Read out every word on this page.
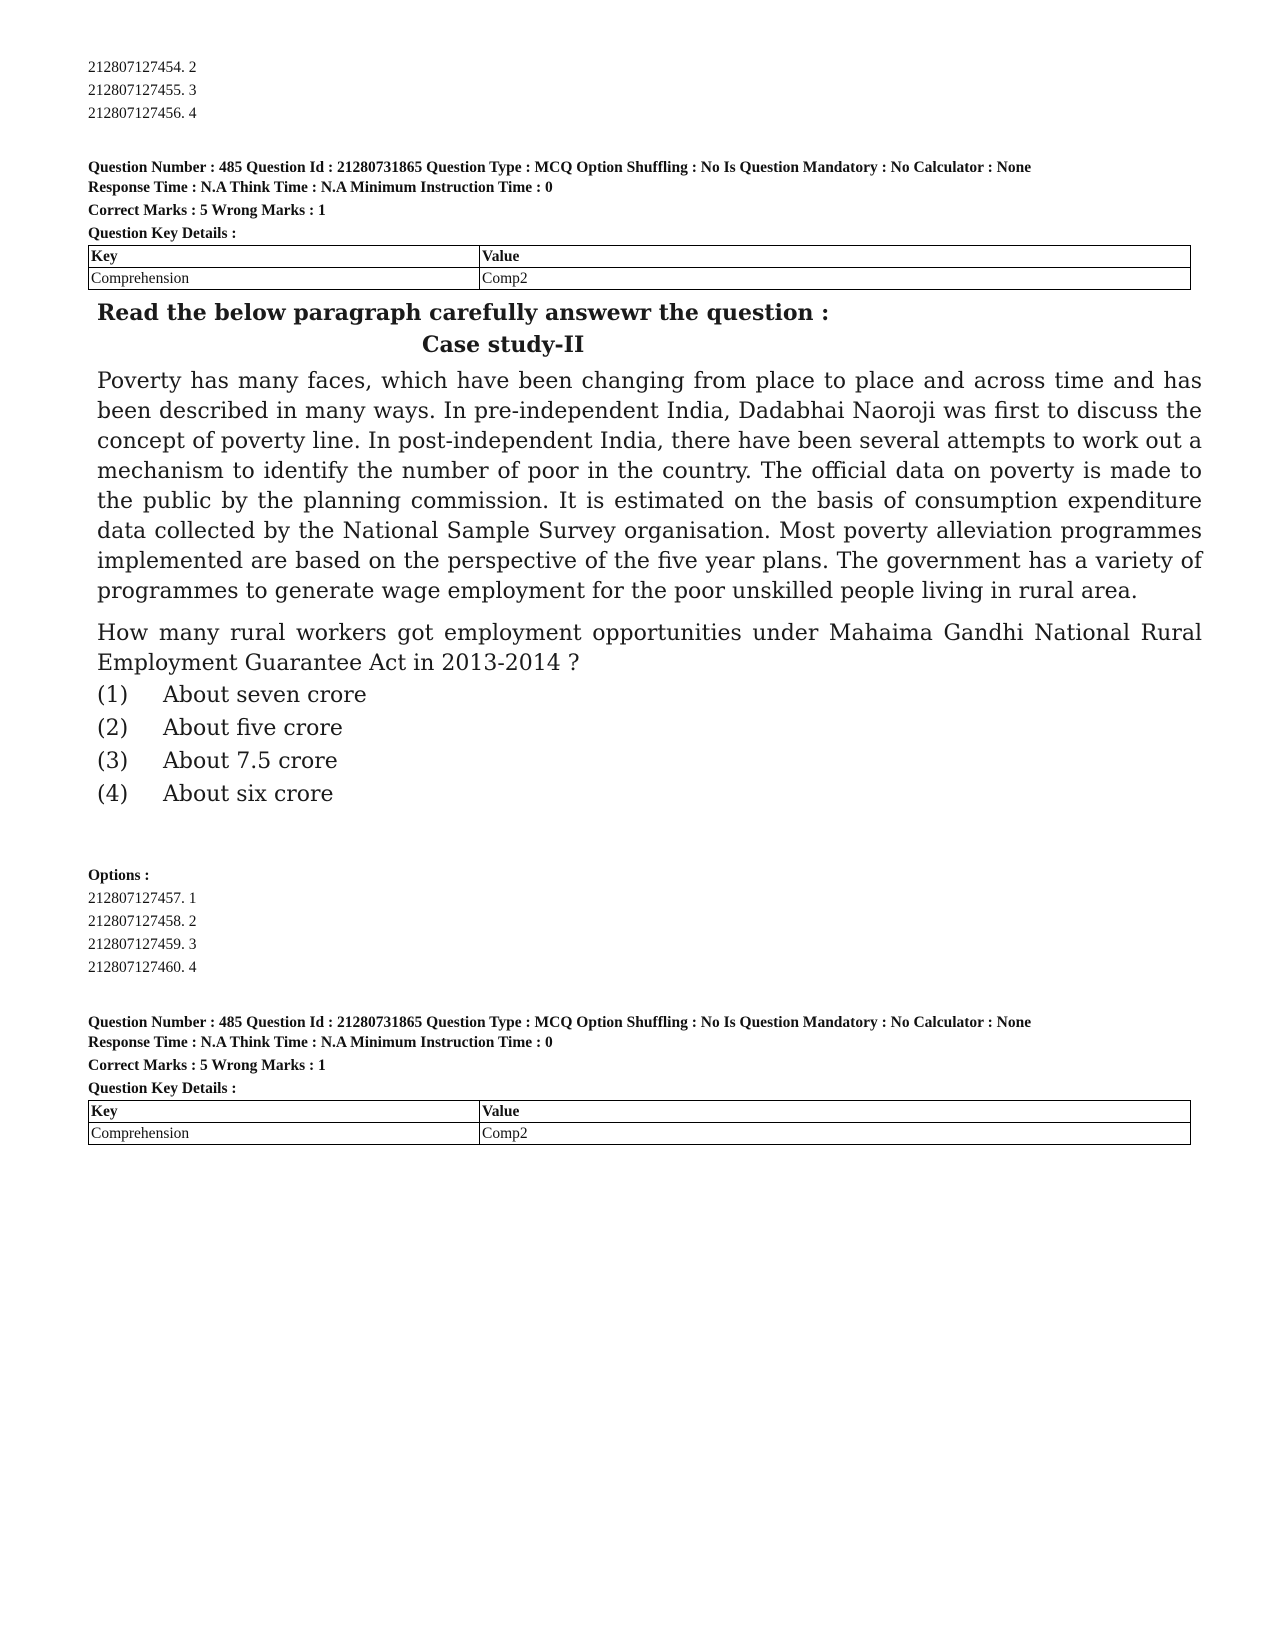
212807127454. 2
212807127455. 3
212807127456. 4
Question Number : 485 Question Id : 21280731865 Question Type : MCQ Option Shuffling : No Is Question Mandatory : No Calculator : None
Response Time : N.A Think Time : N.A Minimum Instruction Time : 0
Correct Marks : 5 Wrong Marks : 1
Question Key Details :
Key	Value
Comprehension	Comp2
Read the below paragraph carefully answewr the question :
Case study-II
Poverty has many faces, which have been changing from place to place and across time and has been described in many ways. In pre-independent India, Dadabhai Naoroji was first to discuss the concept of poverty line. In post-independent India, there have been several attempts to work out a mechanism to identify the number of poor in the country. The official data on poverty is made to the public by the planning commission. It is estimated on the basis of consumption expenditure data collected by the National Sample Survey organisation. Most poverty alleviation programmes implemented are based on the perspective of the five year plans. The government has a variety of programmes to generate wage employment for the poor unskilled people living in rural area.
How many rural workers got employment opportunities under Mahaima Gandhi National Rural Employment Guarantee Act in 2013-2014 ?
(1)	About seven crore
(2)	About five crore
(3)	About 7.5 crore
(4)	About six crore
Options :
212807127457. 1
212807127458. 2
212807127459. 3
212807127460. 4
Question Number : 485 Question Id : 21280731865 Question Type : MCQ Option Shuffling : No Is Question Mandatory : No Calculator : None
Response Time : N.A Think Time : N.A Minimum Instruction Time : 0
Correct Marks : 5 Wrong Marks : 1
Question Key Details :
Key	Value
Comprehension	Comp2
